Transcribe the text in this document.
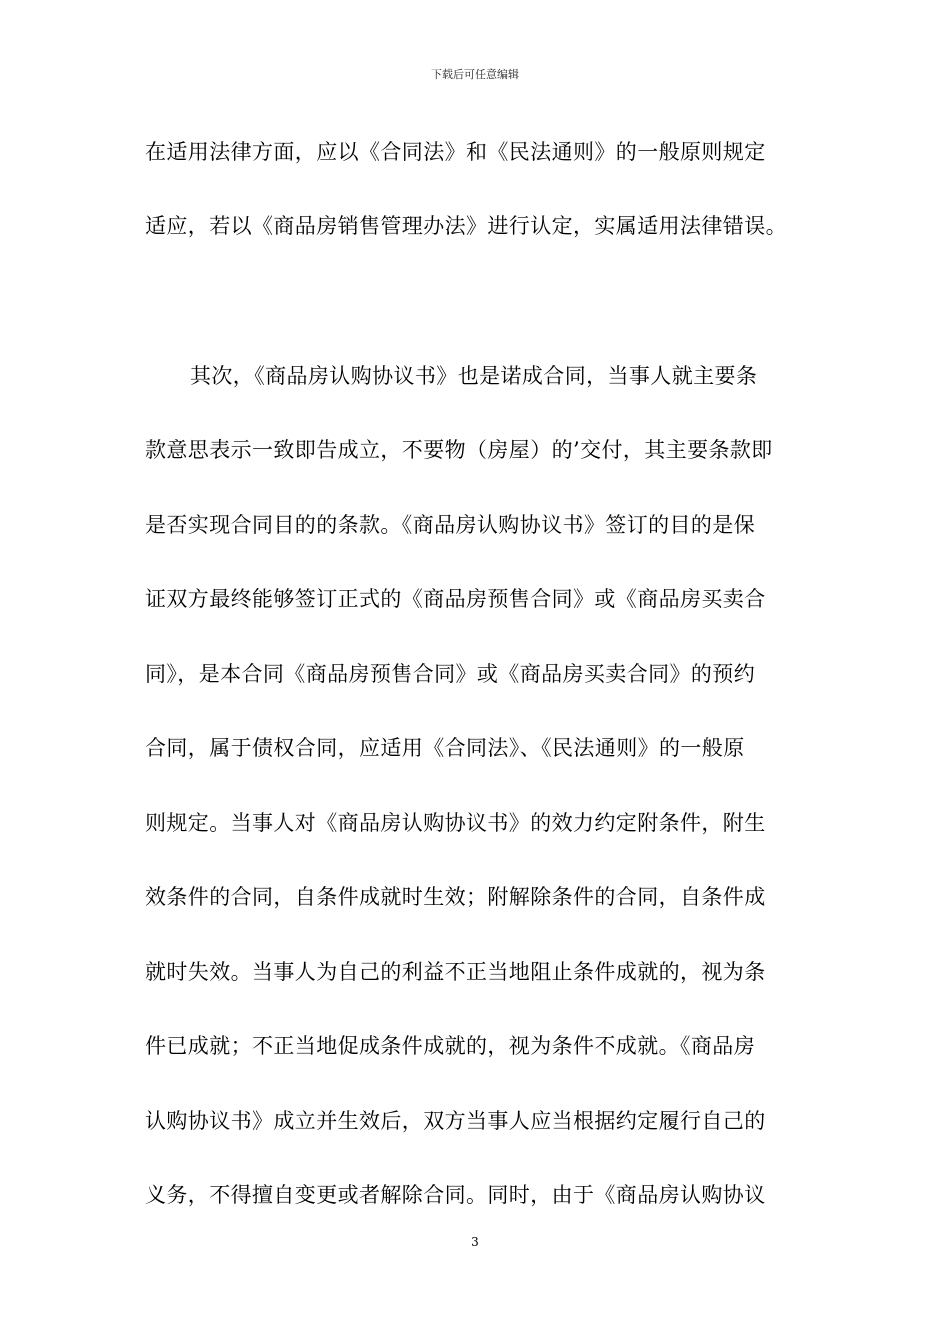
下载后可任意编辑
在适用法律方面，应以《合同法》和《民法通则》的一般原则规定
适应，若以《商品房销售管理办法》进行认定，实属适用法律错误。
其次，《商品房认购协议书》也是诺成合同，当事人就主要条
款意思表示一致即告成立，不要物（房屋）的’交付，其主要条款即
是否实现合同目的的条款。《商品房认购协议书》签订的目的是保
证双方最终能够签订正式的《商品房预售合同》或《商品房买卖合
同》，是本合同《商品房预售合同》或《商品房买卖合同》的预约
合同，属于债权合同，应适用《合同法》、《民法通则》的一般原
则规定。当事人对《商品房认购协议书》的效力约定附条件，附生
效条件的合同，自条件成就时生效；附解除条件的合同，自条件成
就时失效。当事人为自己的利益不正当地阻止条件成就的，视为条
件已成就；不正当地促成条件成就的，视为条件不成就。《商品房
认购协议书》成立并生效后，双方当事人应当根据约定履行自己的
义务，不得擅自变更或者解除合同。同时，由于《商品房认购协议
3
